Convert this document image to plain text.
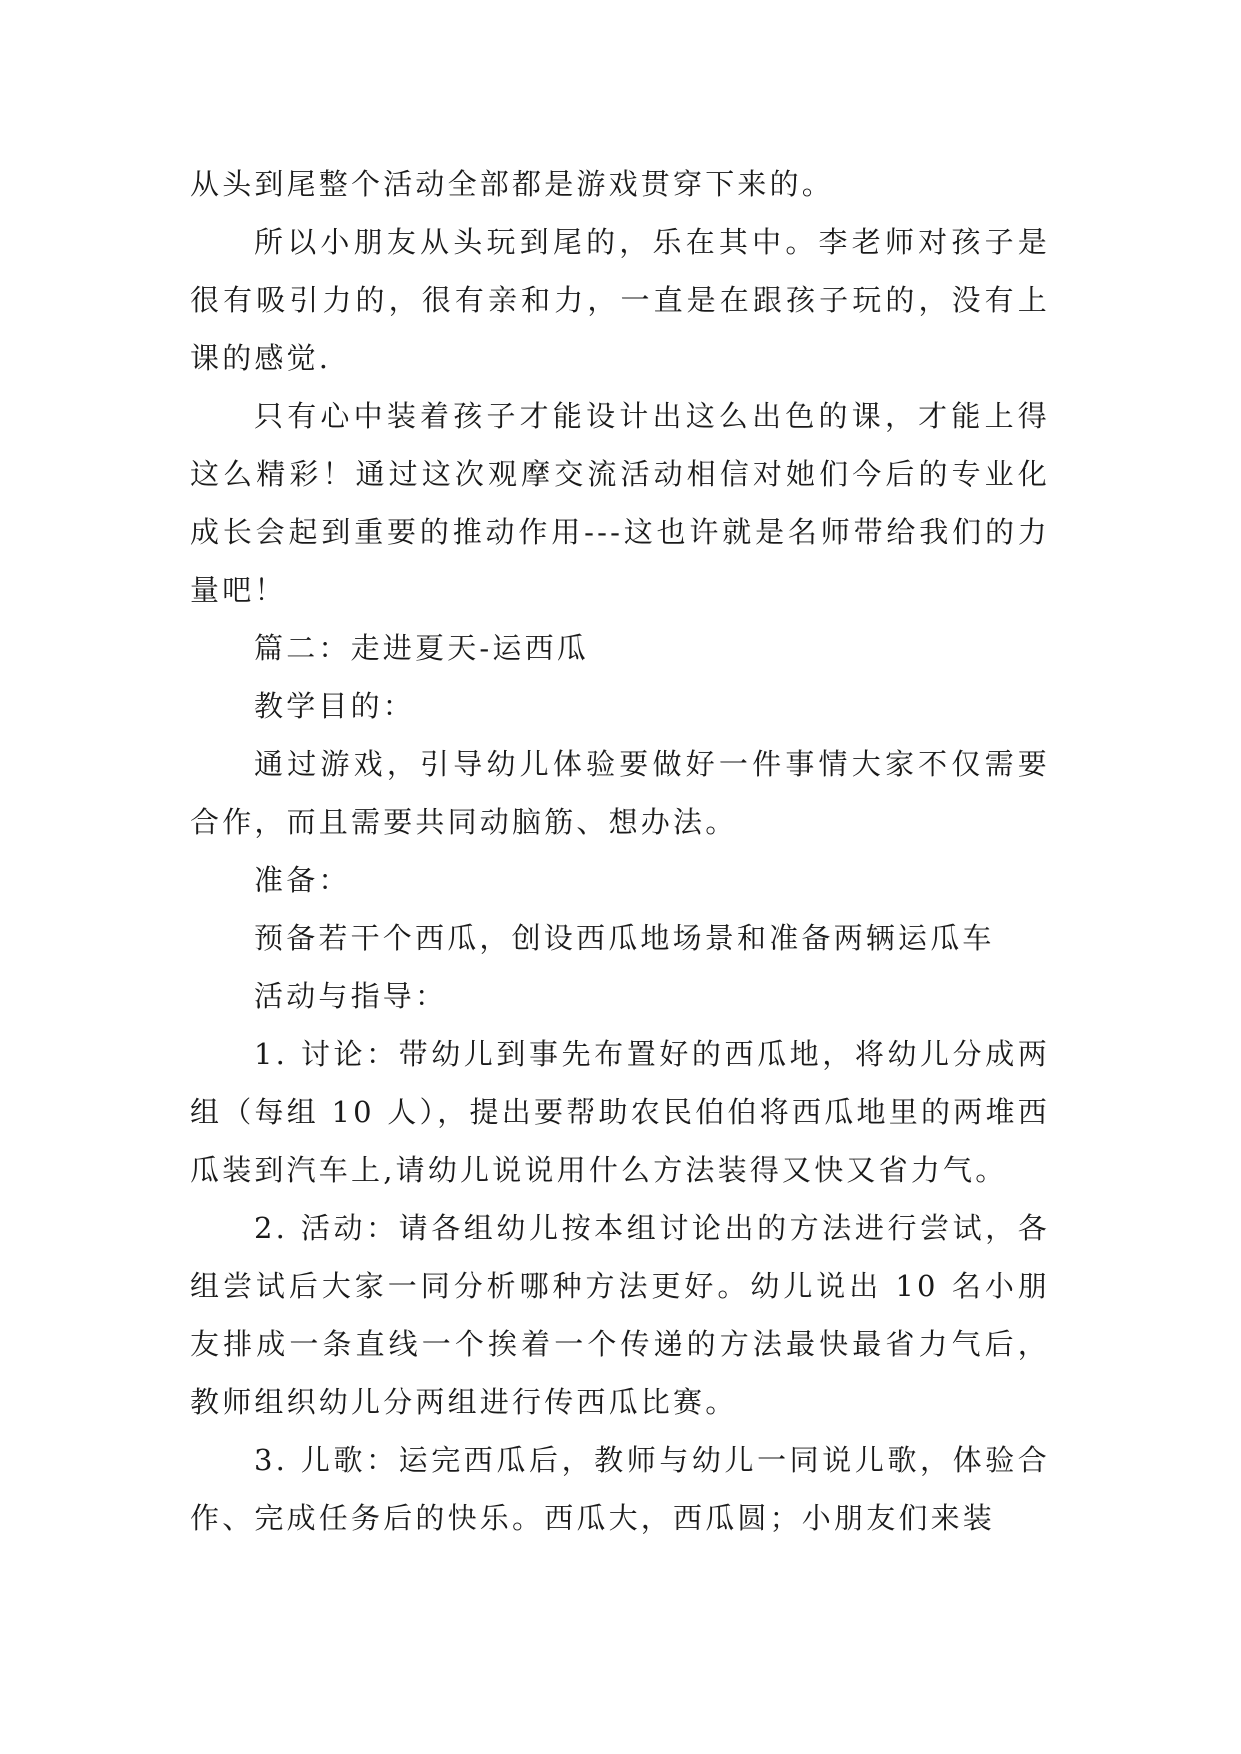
从头到尾整个活动全部都是游戏贯穿下来的。

所以小朋友从头玩到尾的，乐在其中。李老师对孩子是很有吸引力的，很有亲和力，一直是在跟孩子玩的，没有上课的感觉.

只有心中装着孩子才能设计出这么出色的课，才能上得这么精彩！通过这次观摩交流活动相信对她们今后的专业化成长会起到重要的推动作用---这也许就是名师带给我们的力量吧！

篇二：走进夏天-运西瓜

教学目的：

通过游戏，引导幼儿体验要做好一件事情大家不仅需要合作，而且需要共同动脑筋、想办法。

准备：

预备若干个西瓜，创设西瓜地场景和准备两辆运瓜车

活动与指导：

1. 讨论：带幼儿到事先布置好的西瓜地，将幼儿分成两组（每组 10 人），提出要帮助农民伯伯将西瓜地里的两堆西瓜装到汽车上,请幼儿说说用什么方法装得又快又省力气。

2. 活动：请各组幼儿按本组讨论出的方法进行尝试，各组尝试后大家一同分析哪种方法更好。幼儿说出 10 名小朋友排成一条直线一个挨着一个传递的方法最快最省力气后，教师组织幼儿分两组进行传西瓜比赛。

3. 儿歌：运完西瓜后，教师与幼儿一同说儿歌，体验合作、完成任务后的快乐。西瓜大，西瓜圆；小朋友们来装
